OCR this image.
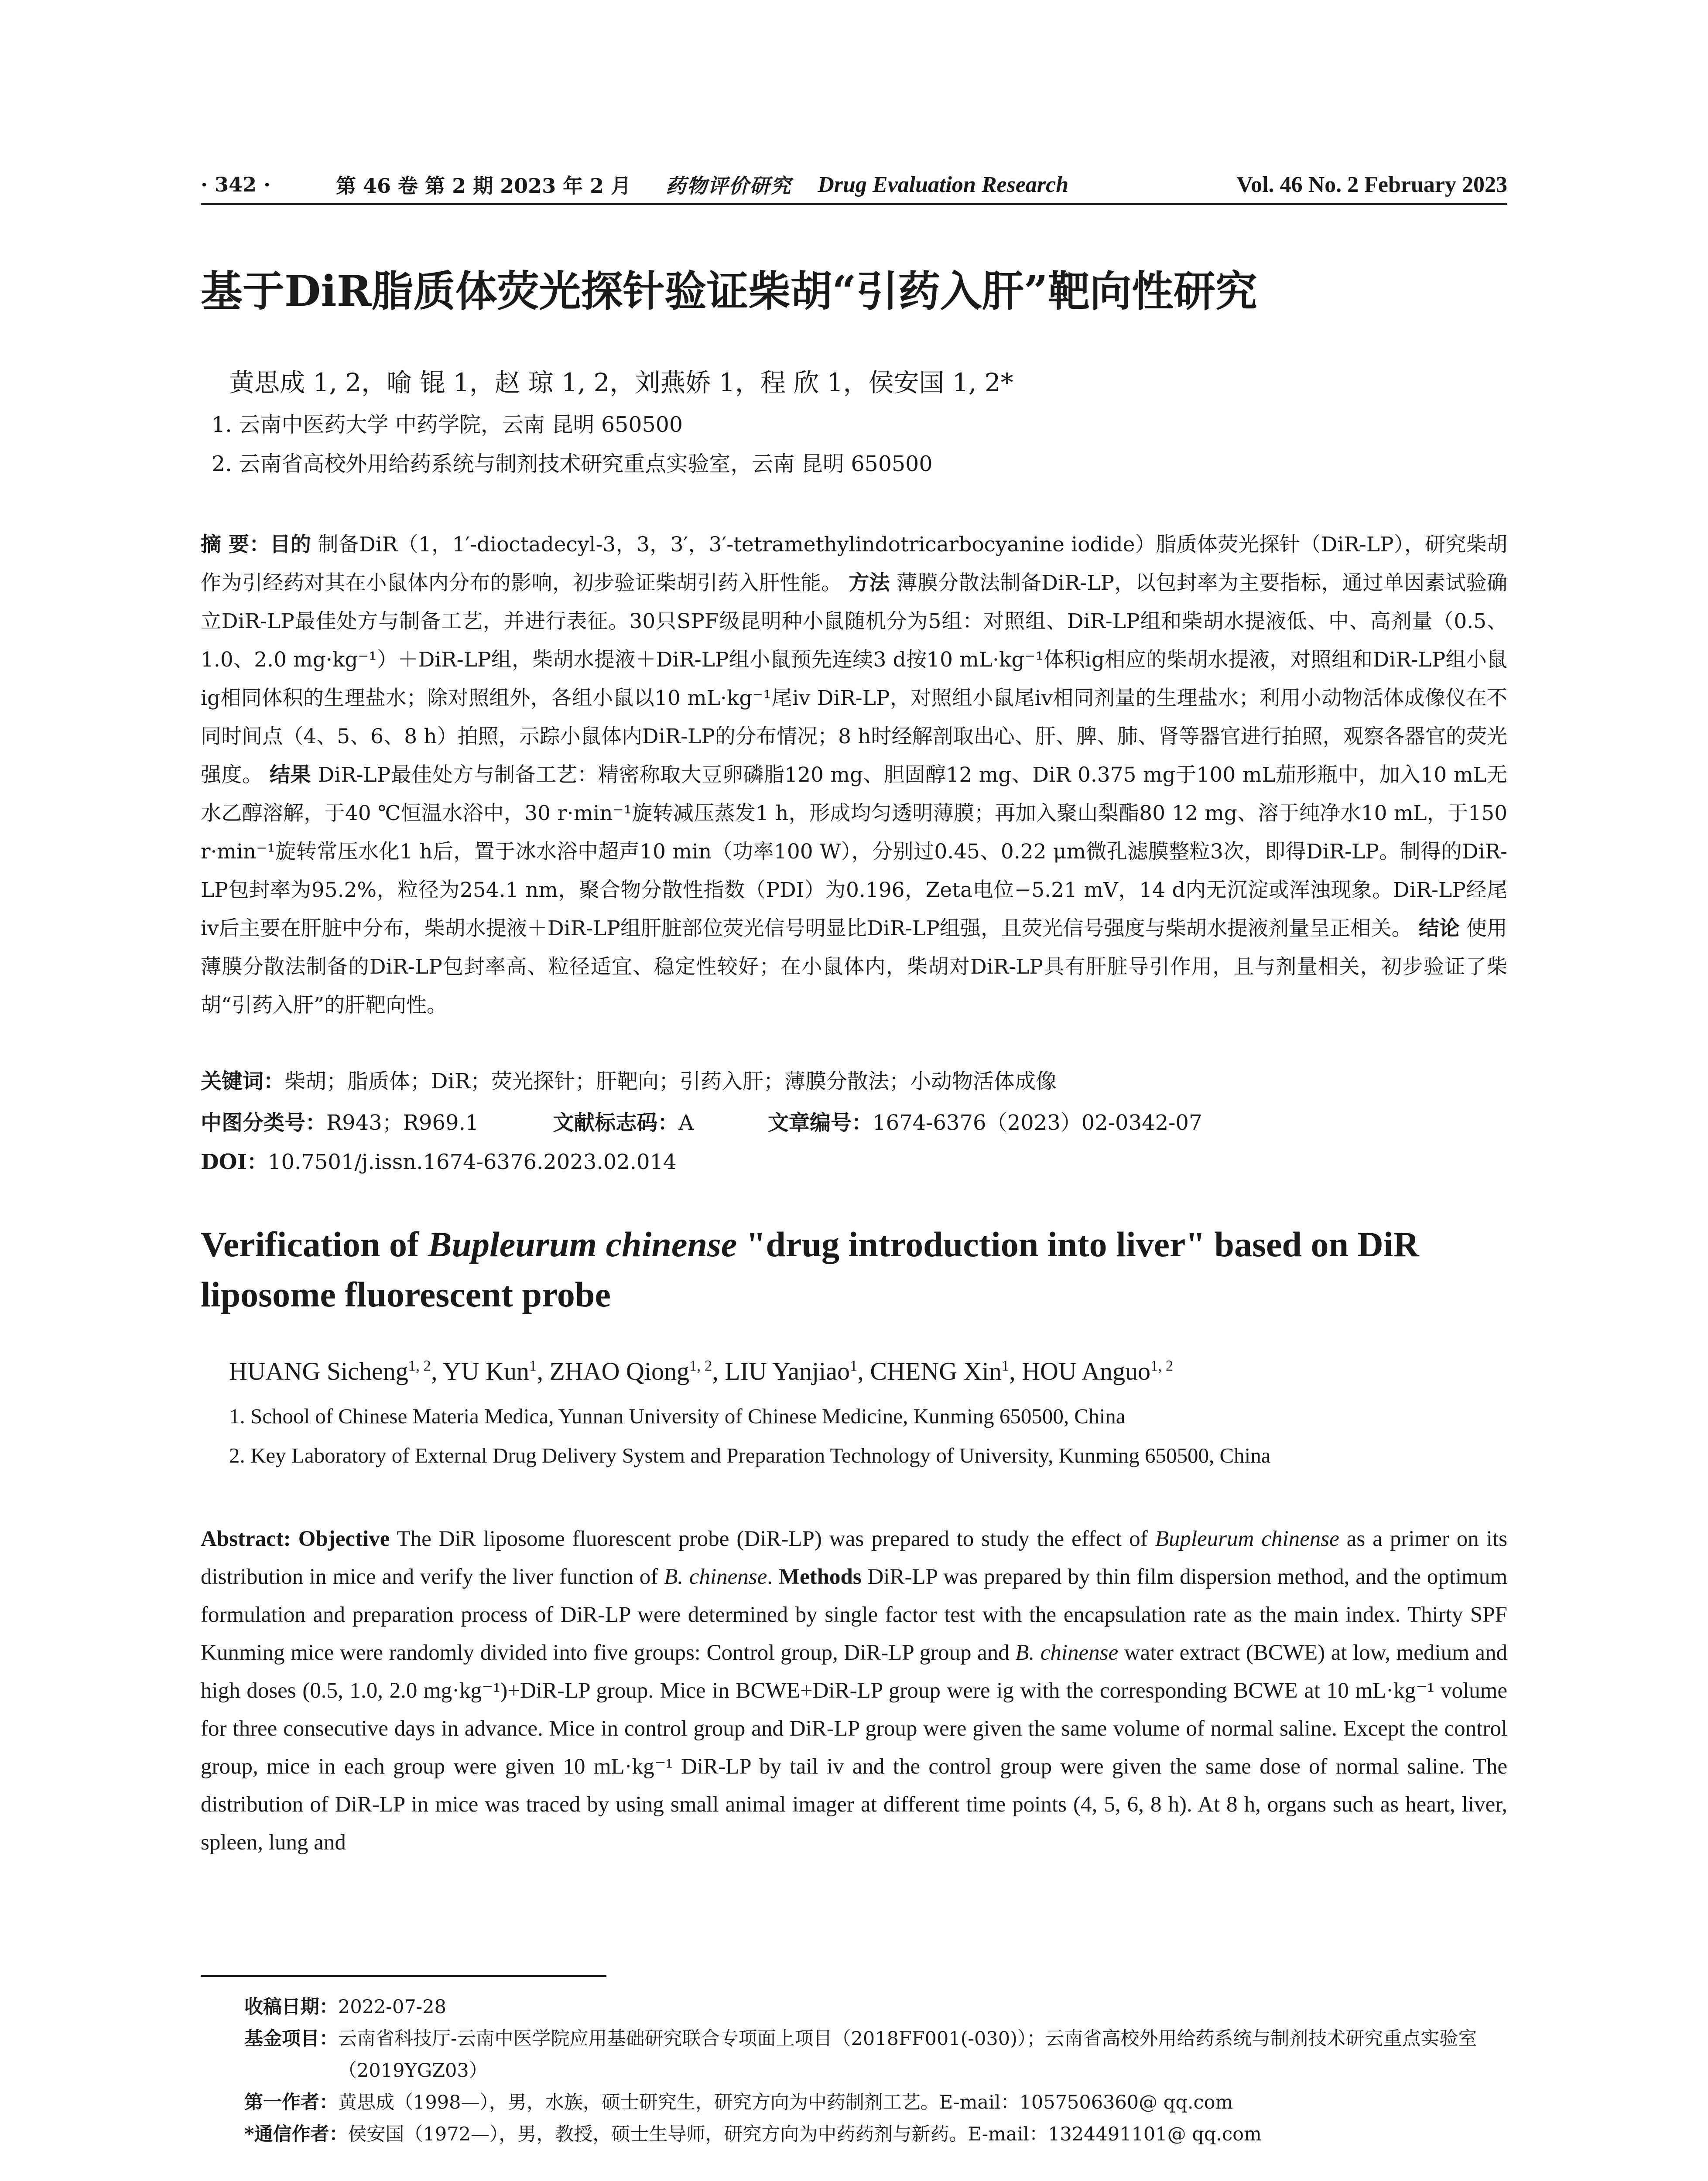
· 342 ·	第 46 卷 第 2 期 2023 年 2 月 药物评价研究 Drug Evaluation Research	Vol. 46 No. 2 February 2023
基于DiR脂质体荧光探针验证柴胡“引药入肝”靶向性研究
黄思成 1, 2，喻 锟 1，赵 琼 1, 2，刘燕娇 1，程 欣 1，侯安国 1, 2*
1. 云南中医药大学 中药学院，云南 昆明 650500
2. 云南省高校外用给药系统与制剂技术研究重点实验室，云南 昆明 650500
摘 要：目的 制备DiR（1，1′-dioctadecyl-3，3，3′，3′-tetramethylindotricarbocyanine iodide）脂质体荧光探针（DiR-LP），研究柴胡作为引经药对其在小鼠体内分布的影响，初步验证柴胡引药入肝性能。 方法 薄膜分散法制备DiR-LP，以包封率为主要指标，通过单因素试验确立DiR-LP最佳处方与制备工艺，并进行表征。30只SPF级昆明种小鼠随机分为5组：对照组、DiR-LP组和柴胡水提液低、中、高剂量（0.5、1.0、2.0 mg·kg⁻¹）＋DiR-LP组，柴胡水提液＋DiR-LP组小鼠预先连续3 d按10 mL·kg⁻¹体积ig相应的柴胡水提液，对照组和DiR-LP组小鼠ig相同体积的生理盐水；除对照组外，各组小鼠以10 mL·kg⁻¹尾iv DiR-LP，对照组小鼠尾iv相同剂量的生理盐水；利用小动物活体成像仪在不同时间点（4、5、6、8 h）拍照，示踪小鼠体内DiR-LP的分布情况；8 h时经解剖取出心、肝、脾、肺、肾等器官进行拍照，观察各器官的荧光强度。 结果 DiR-LP最佳处方与制备工艺：精密称取大豆卵磷脂120 mg、胆固醇12 mg、DiR 0.375 mg于100 mL茄形瓶中，加入10 mL无水乙醇溶解，于40 ℃恒温水浴中，30 r·min⁻¹旋转减压蒸发1 h，形成均匀透明薄膜；再加入聚山梨酯80 12 mg、溶于纯净水10 mL，于150 r·min⁻¹旋转常压水化1 h后，置于冰水浴中超声10 min（功率100 W），分别过0.45、0.22 μm微孔滤膜整粒3次，即得DiR-LP。制得的DiR-LP包封率为95.2%，粒径为254.1 nm，聚合物分散性指数（PDI）为0.196，Zeta电位−5.21 mV，14 d内无沉淀或浑浊现象。DiR-LP经尾iv后主要在肝脏中分布，柴胡水提液＋DiR-LP组肝脏部位荧光信号明显比DiR-LP组强，且荧光信号强度与柴胡水提液剂量呈正相关。 结论 使用薄膜分散法制备的DiR-LP包封率高、粒径适宜、稳定性较好；在小鼠体内，柴胡对DiR-LP具有肝脏导引作用，且与剂量相关，初步验证了柴胡“引药入肝”的肝靶向性。
关键词：柴胡；脂质体；DiR；荧光探针；肝靶向；引药入肝；薄膜分散法；小动物活体成像
中图分类号：R943；R969.1	文献标志码：A	文章编号：1674-6376（2023）02-0342-07
DOI：10.7501/j.issn.1674-6376.2023.02.014
Verification of Bupleurum chinense "drug introduction into liver" based on DiR liposome fluorescent probe
HUANG Sicheng$^{1, 2}$, YU Kun$^1$, ZHAO Qiong$^{1, 2}$, LIU Yanjiao$^1$, CHENG Xin$^1$, HOU Anguo$^{1, 2}$
1. School of Chinese Materia Medica, Yunnan University of Chinese Medicine, Kunming 650500, China
2. Key Laboratory of External Drug Delivery System and Preparation Technology of University, Kunming 650500, China
Abstract: Objective The DiR liposome fluorescent probe (DiR-LP) was prepared to study the effect of Bupleurum chinense as a primer on its distribution in mice and verify the liver function of B. chinense. Methods DiR-LP was prepared by thin film dispersion method, and the optimum formulation and preparation process of DiR-LP were determined by single factor test with the encapsulation rate as the main index. Thirty SPF Kunming mice were randomly divided into five groups: Control group, DiR-LP group and B. chinense water extract (BCWE) at low, medium and high doses (0.5, 1.0, 2.0 mg·kg⁻¹)+DiR-LP group. Mice in BCWE+DiR-LP group were ig with the corresponding BCWE at 10 mL·kg⁻¹ volume for three consecutive days in advance. Mice in control group and DiR-LP group were given the same volume of normal saline. Except the control group, mice in each group were given 10 mL·kg⁻¹ DiR-LP by tail iv and the control group were given the same dose of normal saline. The distribution of DiR-LP in mice was traced by using small animal imager at different time points (4, 5, 6, 8 h). At 8 h, organs such as heart, liver, spleen, lung and
收稿日期： 2022-07-28
基金项目： 云南省科技厅-云南中医学院应用基础研究联合专项面上项目（2018FF001(-030)）；云南省高校外用给药系统与制剂技术研究重点实验室（2019YGZ03）
第一作者： 黄思成（1998—），男，水族，硕士研究生，研究方向为中药制剂工艺。E-mail：1057506360@ qq.com
*通信作者： 侯安国（1972—），男，教授，硕士生导师，研究方向为中药药剂与新药。E-mail：1324491101@ qq.com
